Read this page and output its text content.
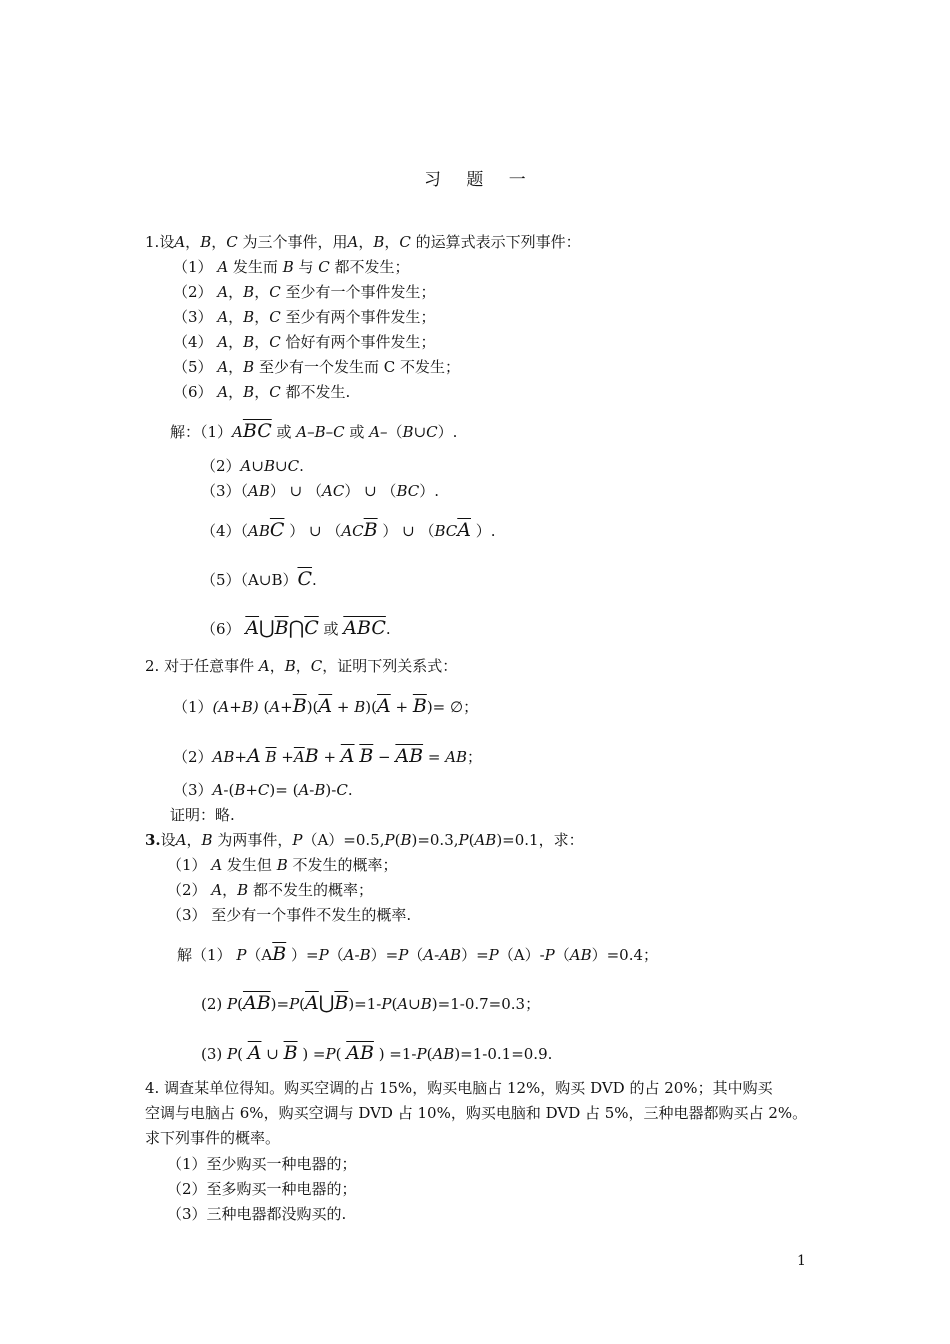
习 题 一
1.设A，B，C 为三个事件，用A，B，C 的运算式表示下列事件：
（1） A 发生而 B 与 C 都不发生；
（2） A，B，C 至少有一个事件发生；
（3） A，B，C 至少有两个事件发生；
（4） A，B，C 恰好有两个事件发生；
（5） A，B 至少有一个发生而 C 不发生；
（6） A，B，C 都不发生.
解：$(1)A\overline{BC}$ 或 A–B–C 或 A–（B∪C）.
（2）A∪B∪C.
（3）（AB） ∪ （AC） ∪ （BC）.
$(4)(AB\overline{C}$ ） ∪ （$AC\overline{B}$ ） ∪ （$BC\overline{A}$ ）.
$(5)(A\cup B)\overline{C}$.
（6） $\overline{A}⋃\overline{B}⋂\overline{C}$ 或 $\overline{ABC}$.
2. 对于任意事件 A，B，C，证明下列关系式：
（1）(A+B) $(A+\overline{B})(\overline{A} + B)(\overline{A} + \overline{B})=$ ∅；
（2）AB+A $\overline{B} +\overline{A}B + \overline{A}$ $\overline{B} - \overline{AB}$ = AB；
（3）A-(B+C)= (A-B)-C.
证明：略.
3.设A，B 为两事件，P（A）=0.5,P(B)=0.3,P(AB)=0.1，求：
（1） A 发生但 B 不发生的概率；
（2） A，B 都不发生的概率；
（3） 至少有一个事件不发生的概率.
解（1） $P(A\overline{B}$ ）=P（A-B）=P（A-AB）=P（A）-P（AB）=0.4；
(2) $P(\overline{AB})=P(\overline{A}⋃\overline{B})=1-P(A\cup B)=1-0.7=0.3$；
(3) P( $\overline{A}$ ∪ $\overline{B}$ ) =P( $\overline{AB}$ ) =1-P(AB)=1-0.1=0.9.
4. 调查某单位得知。购买空调的占 15%，购买电脑占 12%，购买 DVD 的占 20%；其中购买
空调与电脑占 6%，购买空调与 DVD 占 10%，购买电脑和 DVD 占 5%，三种电器都购买占 2%。
求下列事件的概率。
（1）至少购买一种电器的；
（2）至多购买一种电器的；
（3）三种电器都没购买的.
1
